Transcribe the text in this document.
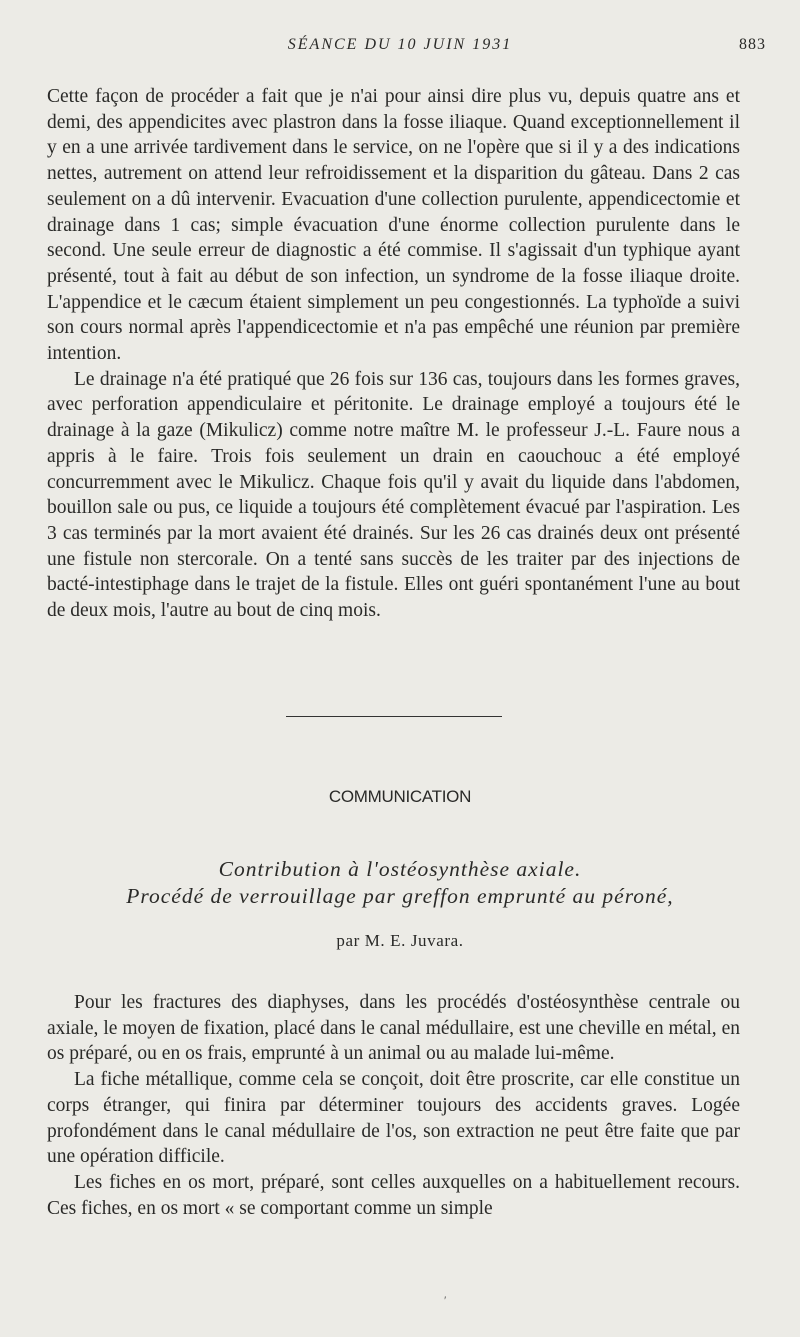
SÉANCE DU 10 JUIN 1931	883

Cette façon de procéder a fait que je n'ai pour ainsi dire plus vu, depuis quatre ans et demi, des appendicites avec plastron dans la fosse iliaque. Quand exceptionnellement il y en a une arrivée tardivement dans le service, on ne l'opère que si il y a des indications nettes, autrement on attend leur refroidissement et la disparition du gâteau. Dans 2 cas seulement on a dû intervenir. Evacuation d'une collection purulente, appendicectomie et drainage dans 1 cas; simple évacuation d'une énorme collection purulente dans le second. Une seule erreur de diagnostic a été commise. Il s'agissait d'un typhique ayant présenté, tout à fait au début de son infection, un syndrome de la fosse iliaque droite. L'appendice et le cæcum étaient simplement un peu congestionnés. La typhoïde a suivi son cours normal après l'appendicectomie et n'a pas empêché une réunion par première intention.

Le drainage n'a été pratiqué que 26 fois sur 136 cas, toujours dans les formes graves, avec perforation appendiculaire et péritonite. Le drainage employé a toujours été le drainage à la gaze (Mikulicz) comme notre maître M. le professeur J.-L. Faure nous a appris à le faire. Trois fois seulement un drain en caouchouc a été employé concurremment avec le Mikulicz. Chaque fois qu'il y avait du liquide dans l'abdomen, bouillon sale ou pus, ce liquide a toujours été complètement évacué par l'aspiration. Les 3 cas terminés par la mort avaient été drainés. Sur les 26 cas drainés deux ont présenté une fistule non stercorale. On a tenté sans succès de les traiter par des injections de bacté-intestiphage dans le trajet de la fistule. Elles ont guéri spontanément l'une au bout de deux mois, l'autre au bout de cinq mois.

COMMUNICATION
Contribution à l'ostéosynthèse axiale.
Procédé de verrouillage par greffon emprunté au péroné,
par M. E. Juvara.

Pour les fractures des diaphyses, dans les procédés d'ostéosynthèse centrale ou axiale, le moyen de fixation, placé dans le canal médullaire, est une cheville en métal, en os préparé, ou en os frais, emprunté à un animal ou au malade lui-même.

La fiche métallique, comme cela se conçoit, doit être proscrite, car elle constitue un corps étranger, qui finira par déterminer toujours des accidents graves. Logée profondément dans le canal médullaire de l'os, son extraction ne peut être faite que par une opération difficile.

Les fiches en os mort, préparé, sont celles auxquelles on a habituellement recours. Ces fiches, en os mort « se comportant comme un simple

′
